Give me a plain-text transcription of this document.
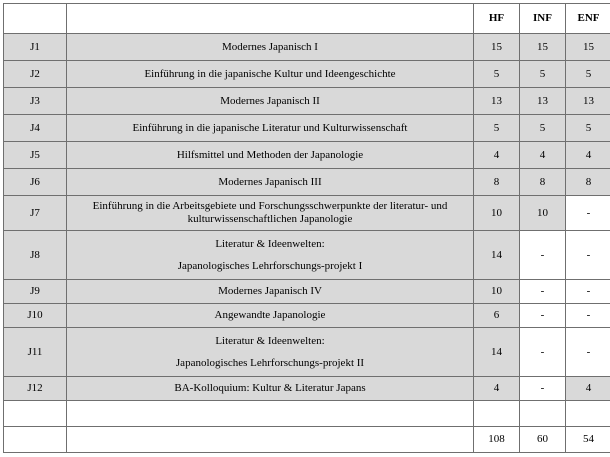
		HF	INF	ENF
J1	Modernes Japanisch I	15	15	15
J2	Einführung in die japanische Kultur und Ideengeschichte	5	5	5
J3	Modernes Japanisch II	13	13	13
J4	Einführung in die japanische Literatur und Kulturwissenschaft	5	5	5
J5	Hilfsmittel und Methoden der Japanologie	4	4	4
J6	Modernes Japanisch III	8	8	8
J7	Einführung in die Arbeitsgebiete und Forschungsschwerpunkte der literatur- und
kulturwissenschaftlichen Japanologie	10	10	-
J8	Literatur & Ideenwelten:
Japanologisches Lehrforschungs-projekt I	14	-	-
J9	Modernes Japanisch IV	10	-	-
J10	Angewandte Japanologie	6	-	-
J11	Literatur & Ideenwelten:
Japanologisches Lehrforschungs-projekt II	14	-	-
J12	BA-Kolloquium: Kultur & Literatur Japans	4	-	4

		108	60	54
